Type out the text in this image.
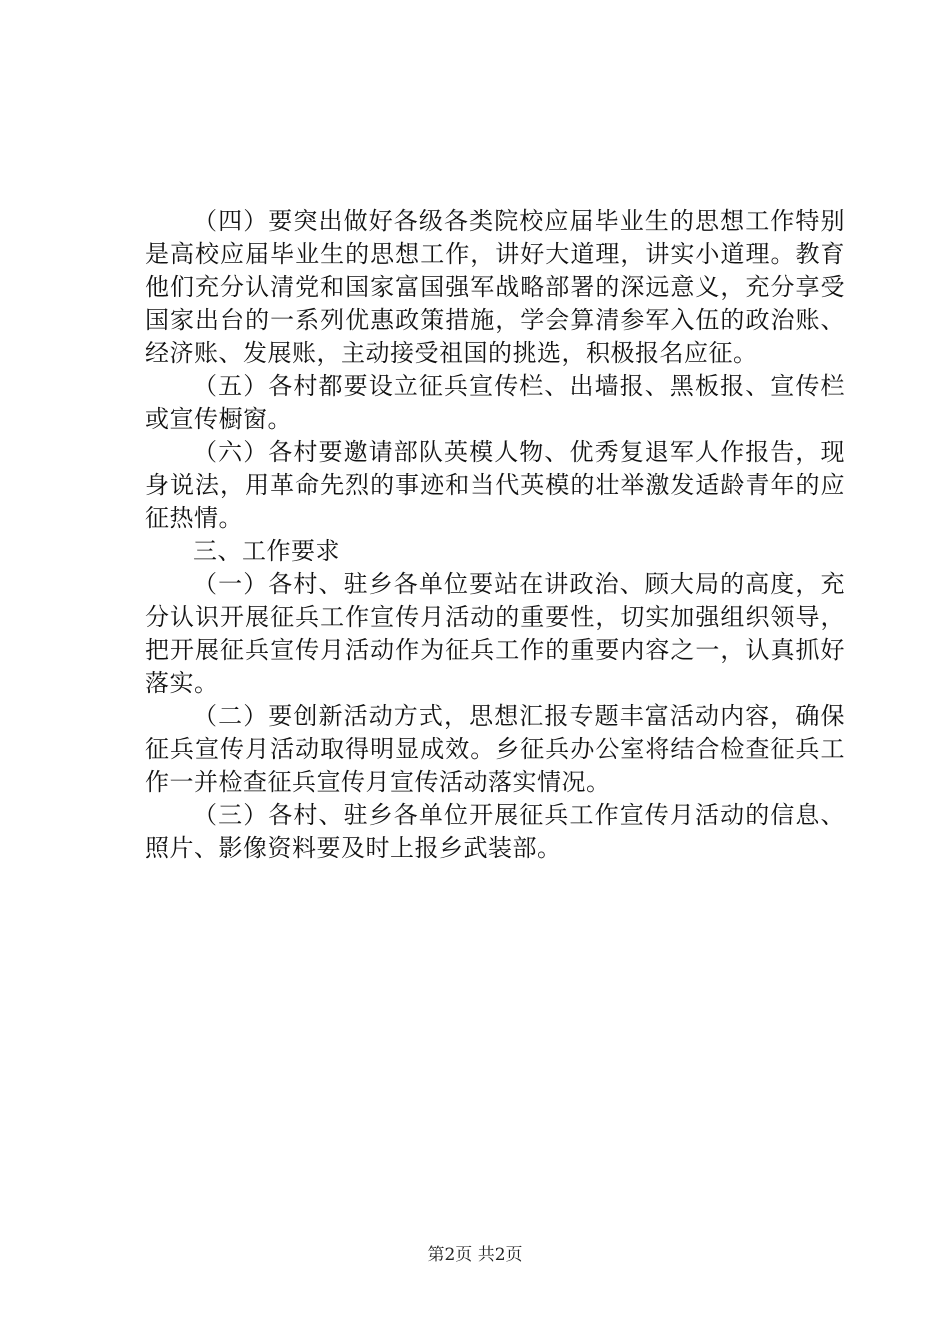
（四）要突出做好各级各类院校应届毕业生的思想工作特别是高校应届毕业生的思想工作，讲好大道理，讲实小道理。教育他们充分认清党和国家富国强军战略部署的深远意义，充分享受国家出台的一系列优惠政策措施，学会算清参军入伍的政治账、经济账、发展账，主动接受祖国的挑选，积极报名应征。

（五）各村都要设立征兵宣传栏、出墙报、黑板报、宣传栏或宣传橱窗。

（六）各村要邀请部队英模人物、优秀复退军人作报告，现身说法，用革命先烈的事迹和当代英模的壮举激发适龄青年的应征热情。

三、工作要求

（一）各村、驻乡各单位要站在讲政治、顾大局的高度，充分认识开展征兵工作宣传月活动的重要性，切实加强组织领导，把开展征兵宣传月活动作为征兵工作的重要内容之一，认真抓好落实。

（二）要创新活动方式，思想汇报专题丰富活动内容，确保征兵宣传月活动取得明显成效。乡征兵办公室将结合检查征兵工作一并检查征兵宣传月宣传活动落实情况。

（三）各村、驻乡各单位开展征兵工作宣传月活动的信息、照片、影像资料要及时上报乡武装部。

第2页 共2页
